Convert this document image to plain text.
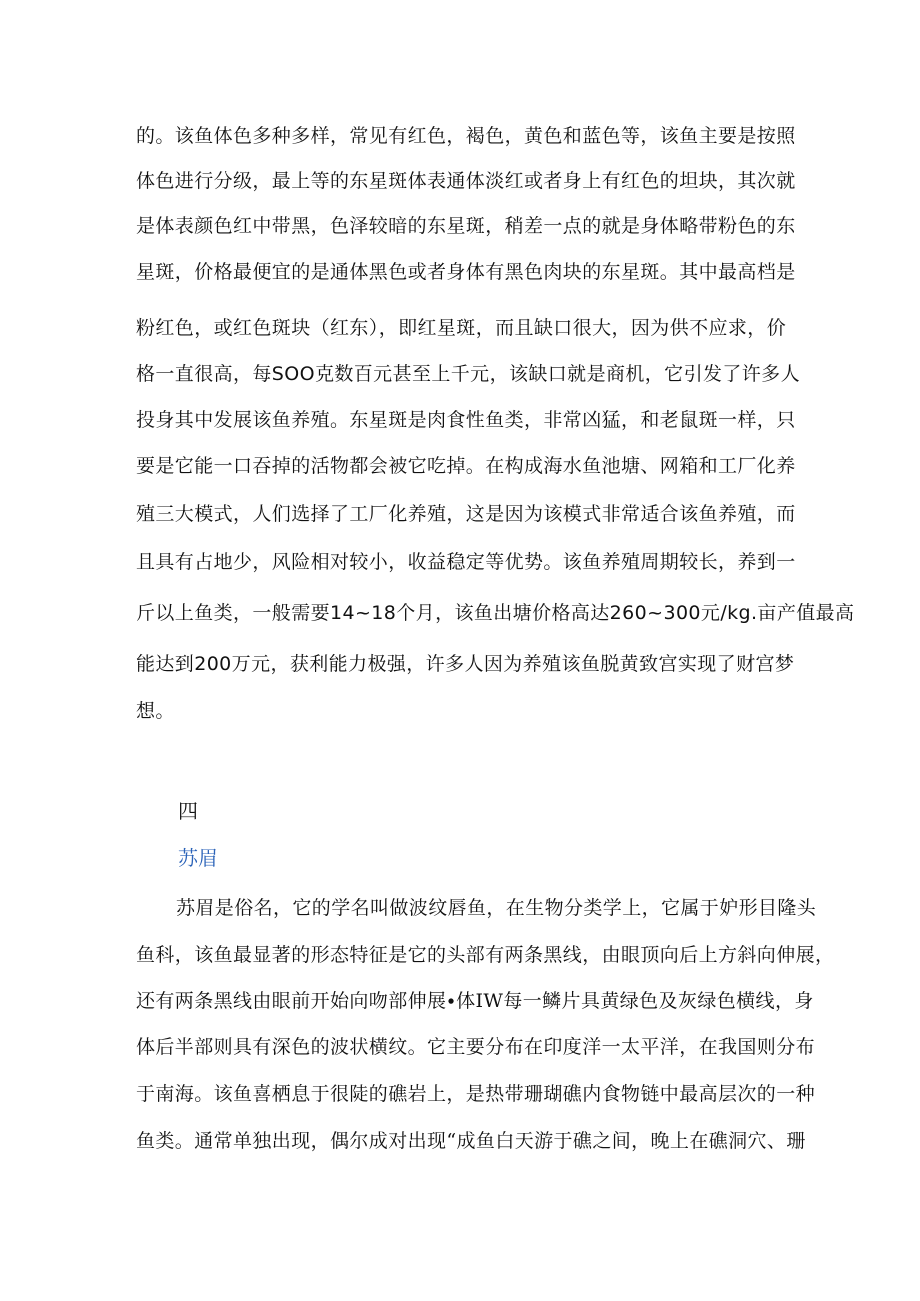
的。该鱼体色多种多样，常见有红色，褐色，黄色和蓝色等，该鱼主要是按照
体色进行分级，最上等的东星斑体表通体淡红或者身上有红色的坦块，其次就
是体表颜色红中带黑，色泽较暗的东星斑，稍差一点的就是身体略带粉色的东
星斑，价格最便宜的是通体黑色或者身体有黑色肉块的东星斑。其中最高档是
粉红色，或红色斑块（红东），即红星斑，而且缺口很大，因为供不应求，价
格一直很高，每SOO克数百元甚至上千元，该缺口就是商机，它引发了许多人
投身其中发展该鱼养殖。东星斑是肉食性鱼类，非常凶猛，和老鼠斑一样，只
要是它能一口吞掉的活物都会被它吃掉。在构成海水鱼池塘、网箱和工厂化养
殖三大模式，人们选择了工厂化养殖，这是因为该模式非常适合该鱼养殖，而
且具有占地少，风险相对较小，收益稳定等优势。该鱼养殖周期较长，养到一
斤以上鱼类，一般需要14~18个月，该鱼出塘价格高达260~300元∕kg.亩产值最高
能达到200万元，获利能力极强，许多人因为养殖该鱼脱黄致宫实现了财宫梦
想。
四
苏眉
苏眉是俗名，它的学名叫做波纹唇鱼，在生物分类学上，它属于妒形目隆头
鱼科，该鱼最显著的形态特征是它的头部有两条黑线，由眼顶向后上方斜向伸展，
还有两条黑线由眼前开始向吻部伸展∙体IW每一鳞片具黄绿色及灰绿色横线，身
体后半部则具有深色的波状横纹。它主要分布在印度洋一太平洋，在我国则分布
于南海。该鱼喜栖息于很陡的礁岩上，是热带珊瑚礁内食物链中最高层次的一种
鱼类。通常单独出现，偶尔成对出现“成鱼白天游于礁之间，晚上在礁洞穴、珊
